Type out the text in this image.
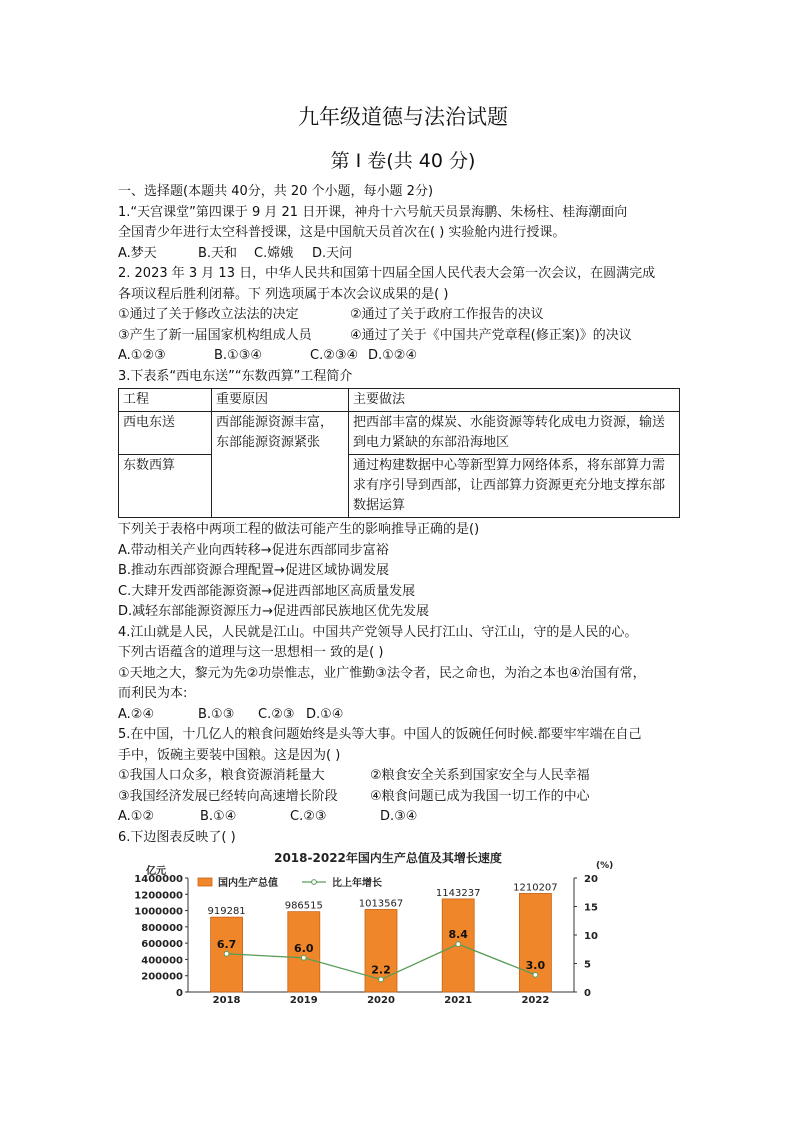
九年级道德与法治试题
第 I 卷(共 40 分)
一、选择题(本题共 40分，共 20 个小题，每小题 2分)
1.“天宫课堂”第四课于 9 月 21 日开课，神舟十六号航天员景海鹏、朱杨柱、桂海潮面向
全国青少年进行太空科普授课，这是中国航天员首次在( ) 实验舱内进行授课。
A.梦天	B.天和 C.嫦娥 D.天问
2. 2023 年 3 月 13 日，中华人民共和国第十四届全国人民代表大会第一次会议，在圆满完成
各项议程后胜利闭幕。下 列选项属于本次会议成果的是( )
①通过了关于修改立法法的决定	②通过了关于政府工作报告的决议
③产生了新一届国家机构组成人员	④通过了关于《中国共产党章程(修正案)》的决议
A.①②③	B.①③④	C.②③④ D.①②④
3.下表系“西电东送”“东数西算”工程简介
工程	重要原因	主要做法
西电东送	西部能源资源丰富，东部能源资源紧张	把西部丰富的煤炭、水能资源等转化成电力资源，输送到电力紧缺的东部沿海地区
东数西算		通过构建数据中心等新型算力网络体系，将东部算力需求有序引导到西部，让西部算力资源更充分地支撑东部数据运算
下列关于表格中两项工程的做法可能产生的影响推导正确的是()
A.带动相关产业向西转移→促进东西部同步富裕
B.推动东西部资源合理配置→促进区域协调发展
C.大肆开发西部能源资源→促进西部地区高质量发展
D.减轻东部能源资源压力→促进西部民族地区优先发展
4.江山就是人民，人民就是江山。中国共产党领导人民打江山、守江山，守的是人民的心。
下列古语蕴含的道理与这一思想相一 致的是( )
①天地之大，黎元为先②功崇惟志，业广惟勤③法令者，民之命也，为治之本也④治国有常，
而利民为本:
A.②④	B.①③ C.②③ D.①④
5.在中国，十几亿人的粮食问题始终是头等大事。中国人的饭碗任何时候.都要牢牢端在自己
手中，饭碗主要装中国粮。这是因为( )
①我国人口众多，粮食资源消耗量大	②粮食安全关系到国家安全与人民幸福
③我国经济发展已经转向高速增长阶段 ④粮食问题已成为我国一切工作的中心
A.①②	B.①④	C.②③	D.③④
6.下边图表反映了( )
2018-2022年国内生产总值及其增长速度
亿元	(%)
0
200000
400000
600000
800000
1000000
1200000
1400000
0
5
10
15
20
919281
2018
986515
2019
1013567
2020
1143237
2021
1210207
2022
6.7	6.0
2.2
8.4
3.0
国内生产总值	比上年增长
